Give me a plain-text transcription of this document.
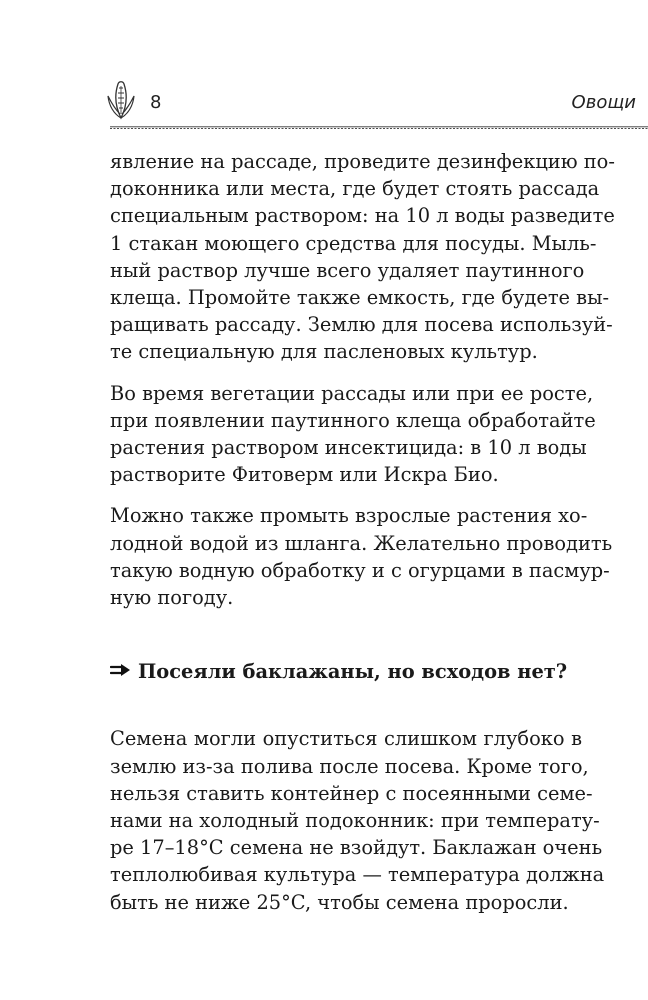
8	Овощи

явление на рассаде, проведите дезинфекцию по-
доконника или места, где будет стоять рассада
специальным раствором: на 10 л воды разведите
1 стакан моющего средства для посуды. Мыль-
ный раствор лучше всего удаляет паутинного
клеща. Промойте также емкость, где будете вы-
ращивать рассаду. Землю для посева используй-
те специальную для пасленовых культур.

Во время вегетации рассады или при ее росте,
при появлении паутинного клеща обработайте
растения раствором инсектицида: в 10 л воды
растворите Фитоверм или Искра Био.

Можно также промыть взрослые растения хо-
лодной водой из шланга. Желательно проводить
такую водную обработку и с огурцами в пасмур-
ную погоду.

Посеяли баклажаны, но всходов нет?

Семена могли опуститься слишком глубоко в
землю из-за полива после посева. Кроме того,
нельзя ставить контейнер с посеянными семе-
нами на холодный подоконник: при температу-
ре 17–18°C семена не взойдут. Баклажан очень
теплолюбивая культура — температура должна
быть не ниже 25°C, чтобы семена проросли.
